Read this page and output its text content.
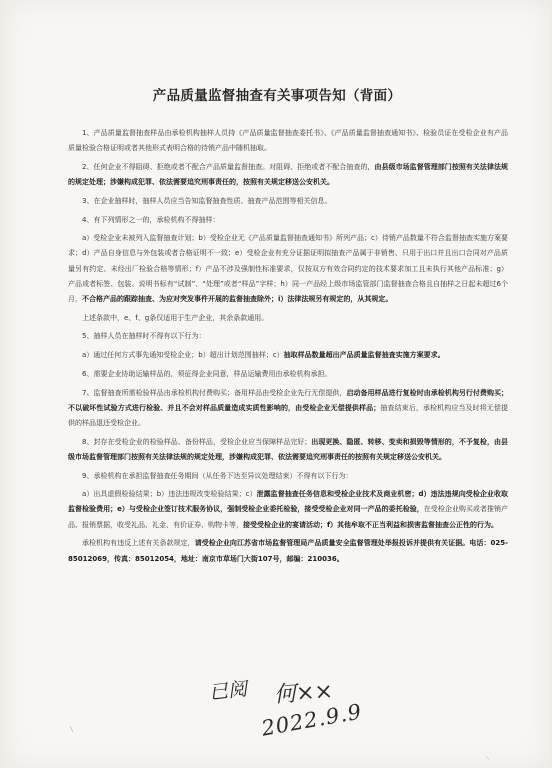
产品质量监督抽查有关事项告知（背面）

1、产品质量监督抽查样品由承检机构抽样人员持《产品质量监督抽查委托书》、《产品质量监督抽查通知书》、检验员证在受检企业有产品质量检验合格证明或者其他形式表明合格的待销产品中随机抽取。

2、任何企业不得阻碍、拒绝或者不配合产品质量监督抽查。对阻碍、拒绝或者不配合抽查的，由县级市场监督管理部门按照有关法律法规的规定处理；涉嫌构成犯罪、依法需要追究刑事责任的，按照有关规定移送公安机关。

3、在企业抽样时，抽样人员应当告知监督抽查性质、抽查产品范围等相关信息。

4、有下列情形之一的，承检机构不得抽样：

a）受检企业未被列入监督抽查计划；b）受检企业无《产品质量监督抽查通知书》所列产品；c）待销产品数量不符合监督抽查实施方案要求；d）产品自身信息与外包装或者合格证明不一致；e）受检企业有充分证据证明拟抽查产品属于非销售、只用于出口并且出口合同对产品质量另有约定、未经出厂检验合格等情形；f）产品不涉及强制性标准要求，仅按双方有效合同约定的技术要求加工且未执行其他产品标准；g）产品或者标签、包装、说明书标有“试制”、“处理”或者“样品”字样；h）同一产品经上级市场监管部门监督抽查合格且自抽样之日起未超过6个月，不合格产品的跟踪抽查、为应对突发事件开展的监督抽查除外；i）法律法规另有规定的，从其规定。

上述条款中，e、f、g条仅适用于生产企业，其余条款通用。

5、抽样人员在抽样时不得有以下行为：

a）通过任何方式事先通知受检企业；b）超出计划范围抽样；c）抽取样品数量超出产品质量监督抽查实施方案要求。

6、需要企业协助运输样品的，须征得企业同意，样品运输费用由承检机构承担。

7、监督抽查所需检验样品由承检机构付费购买；备用样品由受检企业先行无偿提供，启动备用样品进行复检时由承检机构另行付费购买；不以破坏性试验方式进行检验、并且不会对样品质量造成实质性影响的，由受检企业无偿提供样品；抽查结束后，承检机构应当及时将无偿提供的样品退还受检企业。

8、封存在受检企业的检验样品、备份样品，受检企业应当保障样品完好；出现更换、隐匿、转移、变卖和损毁等情形的，不予复检，由县级市场监督管理部门按照有关法律法规的规定处理，涉嫌构成犯罪、依法需要追究刑事责任的按照有关规定移送公安机关。

9、承检机构在承担监督抽查任务期间（从任务下达至异议处理结束）不得有以下行为：

a）出具虚假检验结果；b）违法违规改变检验结果；c）泄露监督抽查任务信息和受检企业技术及商业机密；d）违法违规向受检企业收取监督检验费用；e）与受检企业签订技术服务协议，强制受检企业委托检验，接受受检企业对同一产品的委托检验，在受检企业购买或者推销产品、报销票据，收受礼品、礼金、有价证券、购物卡等，接受受检企业的宴请活动；f）其他牟取不正当利益和损害监督抽查公正性的行为。

承检机构有违反上述有关条款规定，请受检企业向江苏省市场监督管理局产品质量安全监督管理处举报投诉并提供有关证据。电话：025-85012069，传真：85012054，地址：南京市草场门大街107号，邮编：210036。

已阅 何××
2022.9.9
